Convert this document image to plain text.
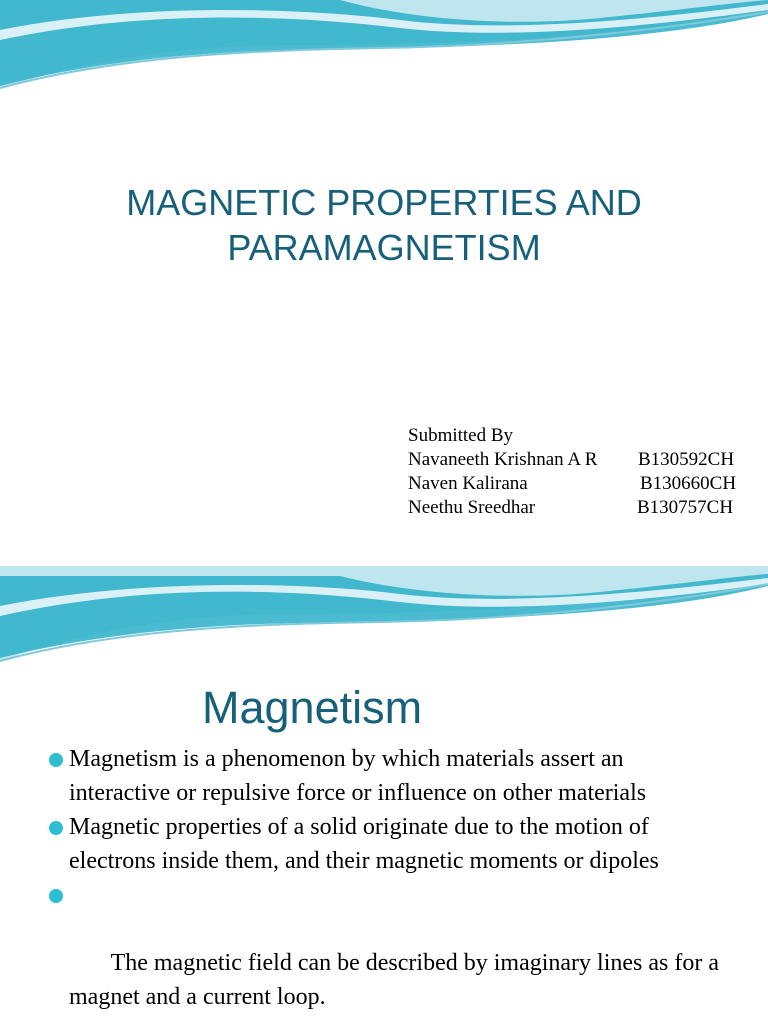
MAGNETIC PROPERTIES AND
PARAMAGNETISM
Submitted By
Navaneeth Krishnan A R B130592CH
Naven Kalirana	B130660CH
Neethu Sreedhar	B130757CH
Magnetism
Magnetism is a phenomenon by which materials assert an interactive or repulsive force or influence on other materials
Magnetic properties of a solid originate due to the motion of electrons inside them, and their magnetic moments or dipoles

The magnetic field can be described by imaginary lines as for a magnet and a current loop.
